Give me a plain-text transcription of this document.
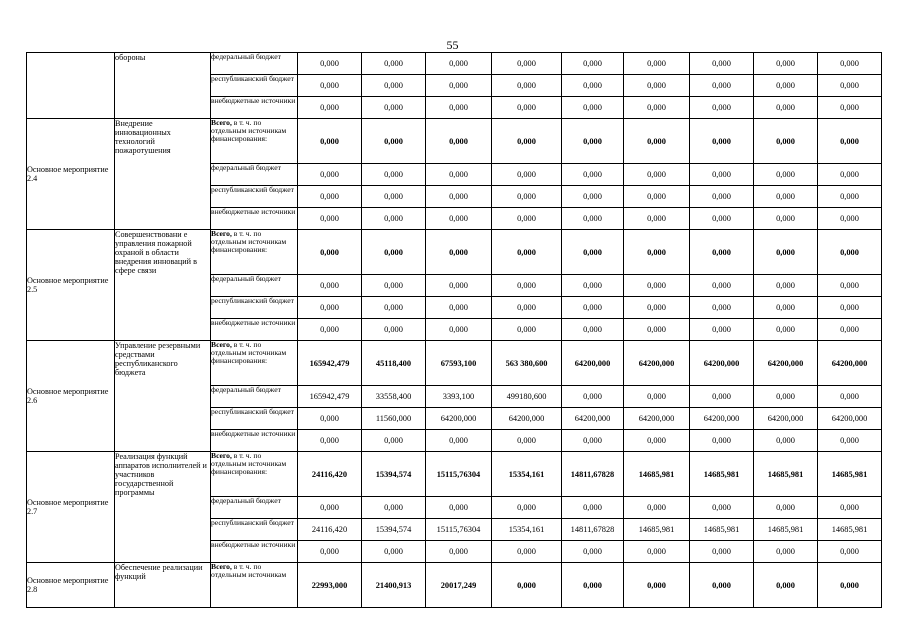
55
	обороны	федеральный бюджет	0,000	0,000	0,000	0,000	0,000	0,000	0,000	0,000	0,000
		республиканский бюджет	0,000	0,000	0,000	0,000	0,000	0,000	0,000	0,000	0,000
		внебюджетные источники	0,000	0,000	0,000	0,000	0,000	0,000	0,000	0,000	0,000
Основное мероприятие 2.4	Внедрение инновационных технологий пожаротушения	Всего, в т. ч. по отдельным источникам финансирования:	0,000	0,000	0,000	0,000	0,000	0,000	0,000	0,000	0,000
		федеральный бюджет	0,000	0,000	0,000	0,000	0,000	0,000	0,000	0,000	0,000
		республиканский бюджет	0,000	0,000	0,000	0,000	0,000	0,000	0,000	0,000	0,000
		внебюджетные источники	0,000	0,000	0,000	0,000	0,000	0,000	0,000	0,000	0,000
Основное мероприятие 2.5	Совершенствовани е управления пожарной охраной в области внедрения инноваций в сфере связи	Всего, в т. ч. по отдельным источникам финансирования:	0,000	0,000	0,000	0,000	0,000	0,000	0,000	0,000	0,000
		федеральный бюджет	0,000	0,000	0,000	0,000	0,000	0,000	0,000	0,000	0,000
		республиканский бюджет	0,000	0,000	0,000	0,000	0,000	0,000	0,000	0,000	0,000
		внебюджетные источники	0,000	0,000	0,000	0,000	0,000	0,000	0,000	0,000	0,000
Основное мероприятие 2.6	Управление резервными средствами республиканского бюджета	Всего, в т. ч. по отдельным источникам финансирования:	165942,479	45118,400	67593,100	563 380,600	64200,000	64200,000	64200,000	64200,000	64200,000
		федеральный бюджет	165942,479	33558,400	3393,100	499180,600	0,000	0,000	0,000	0,000	0,000
		республиканский бюджет	0,000	11560,000	64200,000	64200,000	64200,000	64200,000	64200,000	64200,000	64200,000
		внебюджетные источники	0,000	0,000	0,000	0,000	0,000	0,000	0,000	0,000	0,000
Основное мероприятие 2.7	Реализация функций аппаратов исполнителей и участников государственной программы	Всего, в т. ч. по отдельным источникам финансирования:	24116,420	15394,574	15115,76304	15354,161	14811,67828	14685,981	14685,981	14685,981	14685,981
		федеральный бюджет	0,000	0,000	0,000	0,000	0,000	0,000	0,000	0,000	0,000
		республиканский бюджет	24116,420	15394,574	15115,76304	15354,161	14811,67828	14685,981	14685,981	14685,981	14685,981
		внебюджетные источники	0,000	0,000	0,000	0,000	0,000	0,000	0,000	0,000	0,000
Основное мероприятие 2.8	Обеспечение реализации функций	Всего, в т. ч. по отдельным источникам	22993,000	21400,913	20017,249	0,000	0,000	0,000	0,000	0,000	0,000
